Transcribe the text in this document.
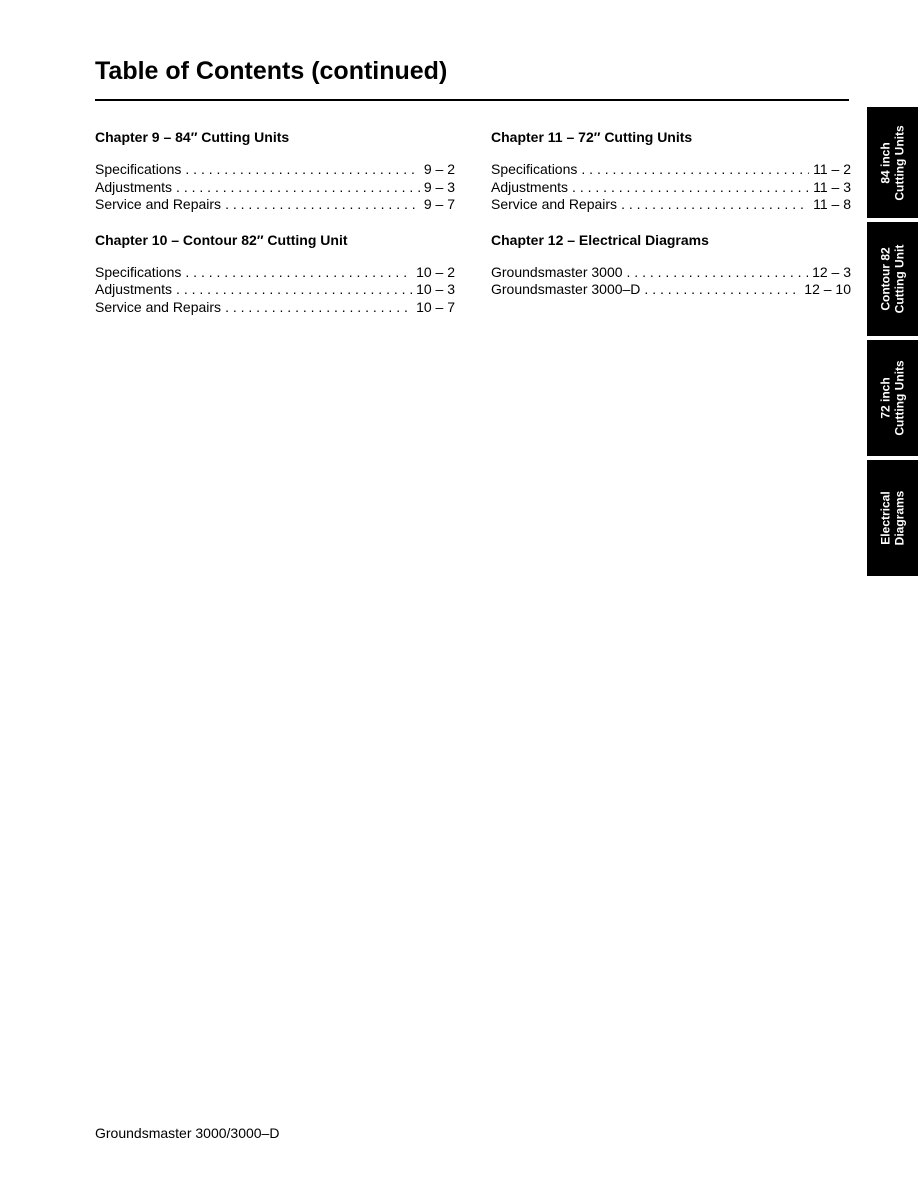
Table of Contents (continued)
Chapter 9 – 84″ Cutting Units
Specifications . . .	9 – 2
Adjustments . . .	9 – 3
Service and Repairs . . .	9 – 7
Chapter 10 – Contour 82″ Cutting Unit
Specifications . . .	10 – 2
Adjustments . . .	10 – 3
Service and Repairs . . .	10 – 7
Chapter 11 – 72″ Cutting Units
Specifications . . .	11 – 2
Adjustments . . .	11 – 3
Service and Repairs . . .	11 – 8
Chapter 12 – Electrical Diagrams
Groundsmaster 3000 . . .	12 – 3
Groundsmaster 3000–D . . .	12 – 10
84 inch Cutting Units
Contour 82 Cutting Unit
72 inch Cutting Units
Electrical Diagrams
Groundsmaster 3000/3000–D
